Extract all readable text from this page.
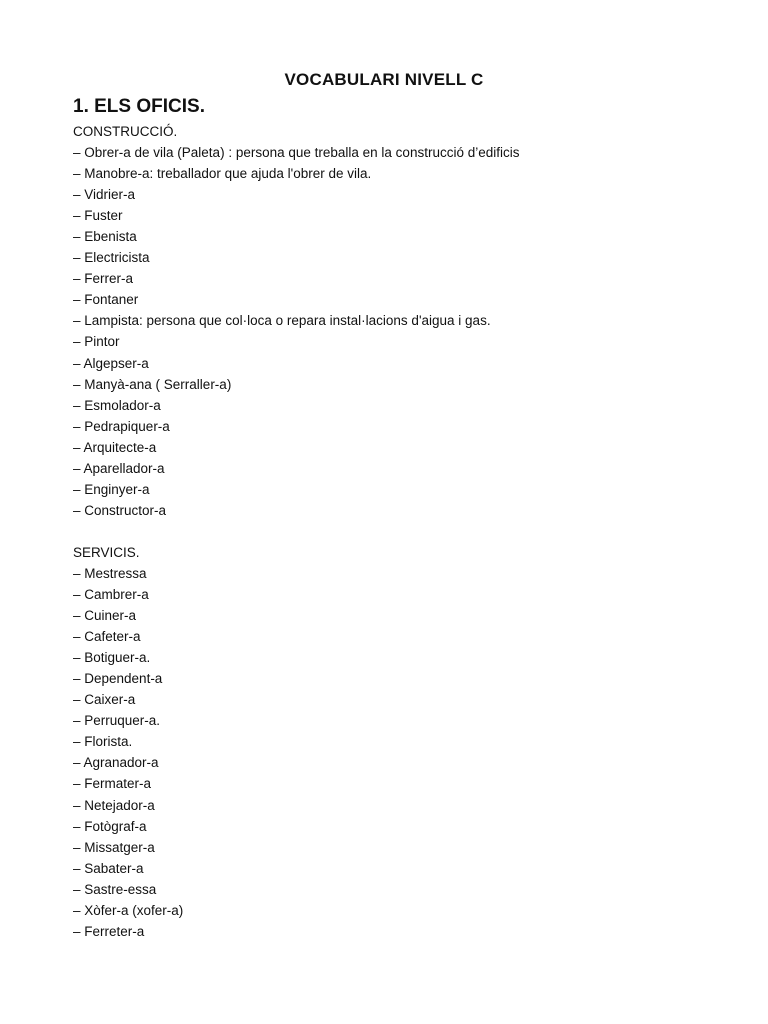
VOCABULARI NIVELL C
1. ELS OFICIS.
CONSTRUCCIÓ.
– Obrer-a de vila (Paleta) : persona que treballa en la construcció d’edificis
– Manobre-a: treballador que ajuda l'obrer de vila.
– Vidrier-a
– Fuster
– Ebenista
– Electricista
– Ferrer-a
– Fontaner
– Lampista: persona que col·loca o repara instal·lacions d'aigua i gas.
– Pintor
– Algepser-a
– Manyà-ana ( Serraller-a)
– Esmolador-a
– Pedrapiquer-a
– Arquitecte-a
– Aparellador-a
– Enginyer-a
– Constructor-a
SERVICIS.
– Mestressa
– Cambrer-a
– Cuiner-a
– Cafeter-a
– Botiguer-a.
– Dependent-a
– Caixer-a
– Perruquer-a.
– Florista.
– Agranador-a
– Fermater-a
– Netejador-a
– Fotògraf-a
– Missatger-a
– Sabater-a
– Sastre-essa
– Xòfer-a (xofer-a)
– Ferreter-a
